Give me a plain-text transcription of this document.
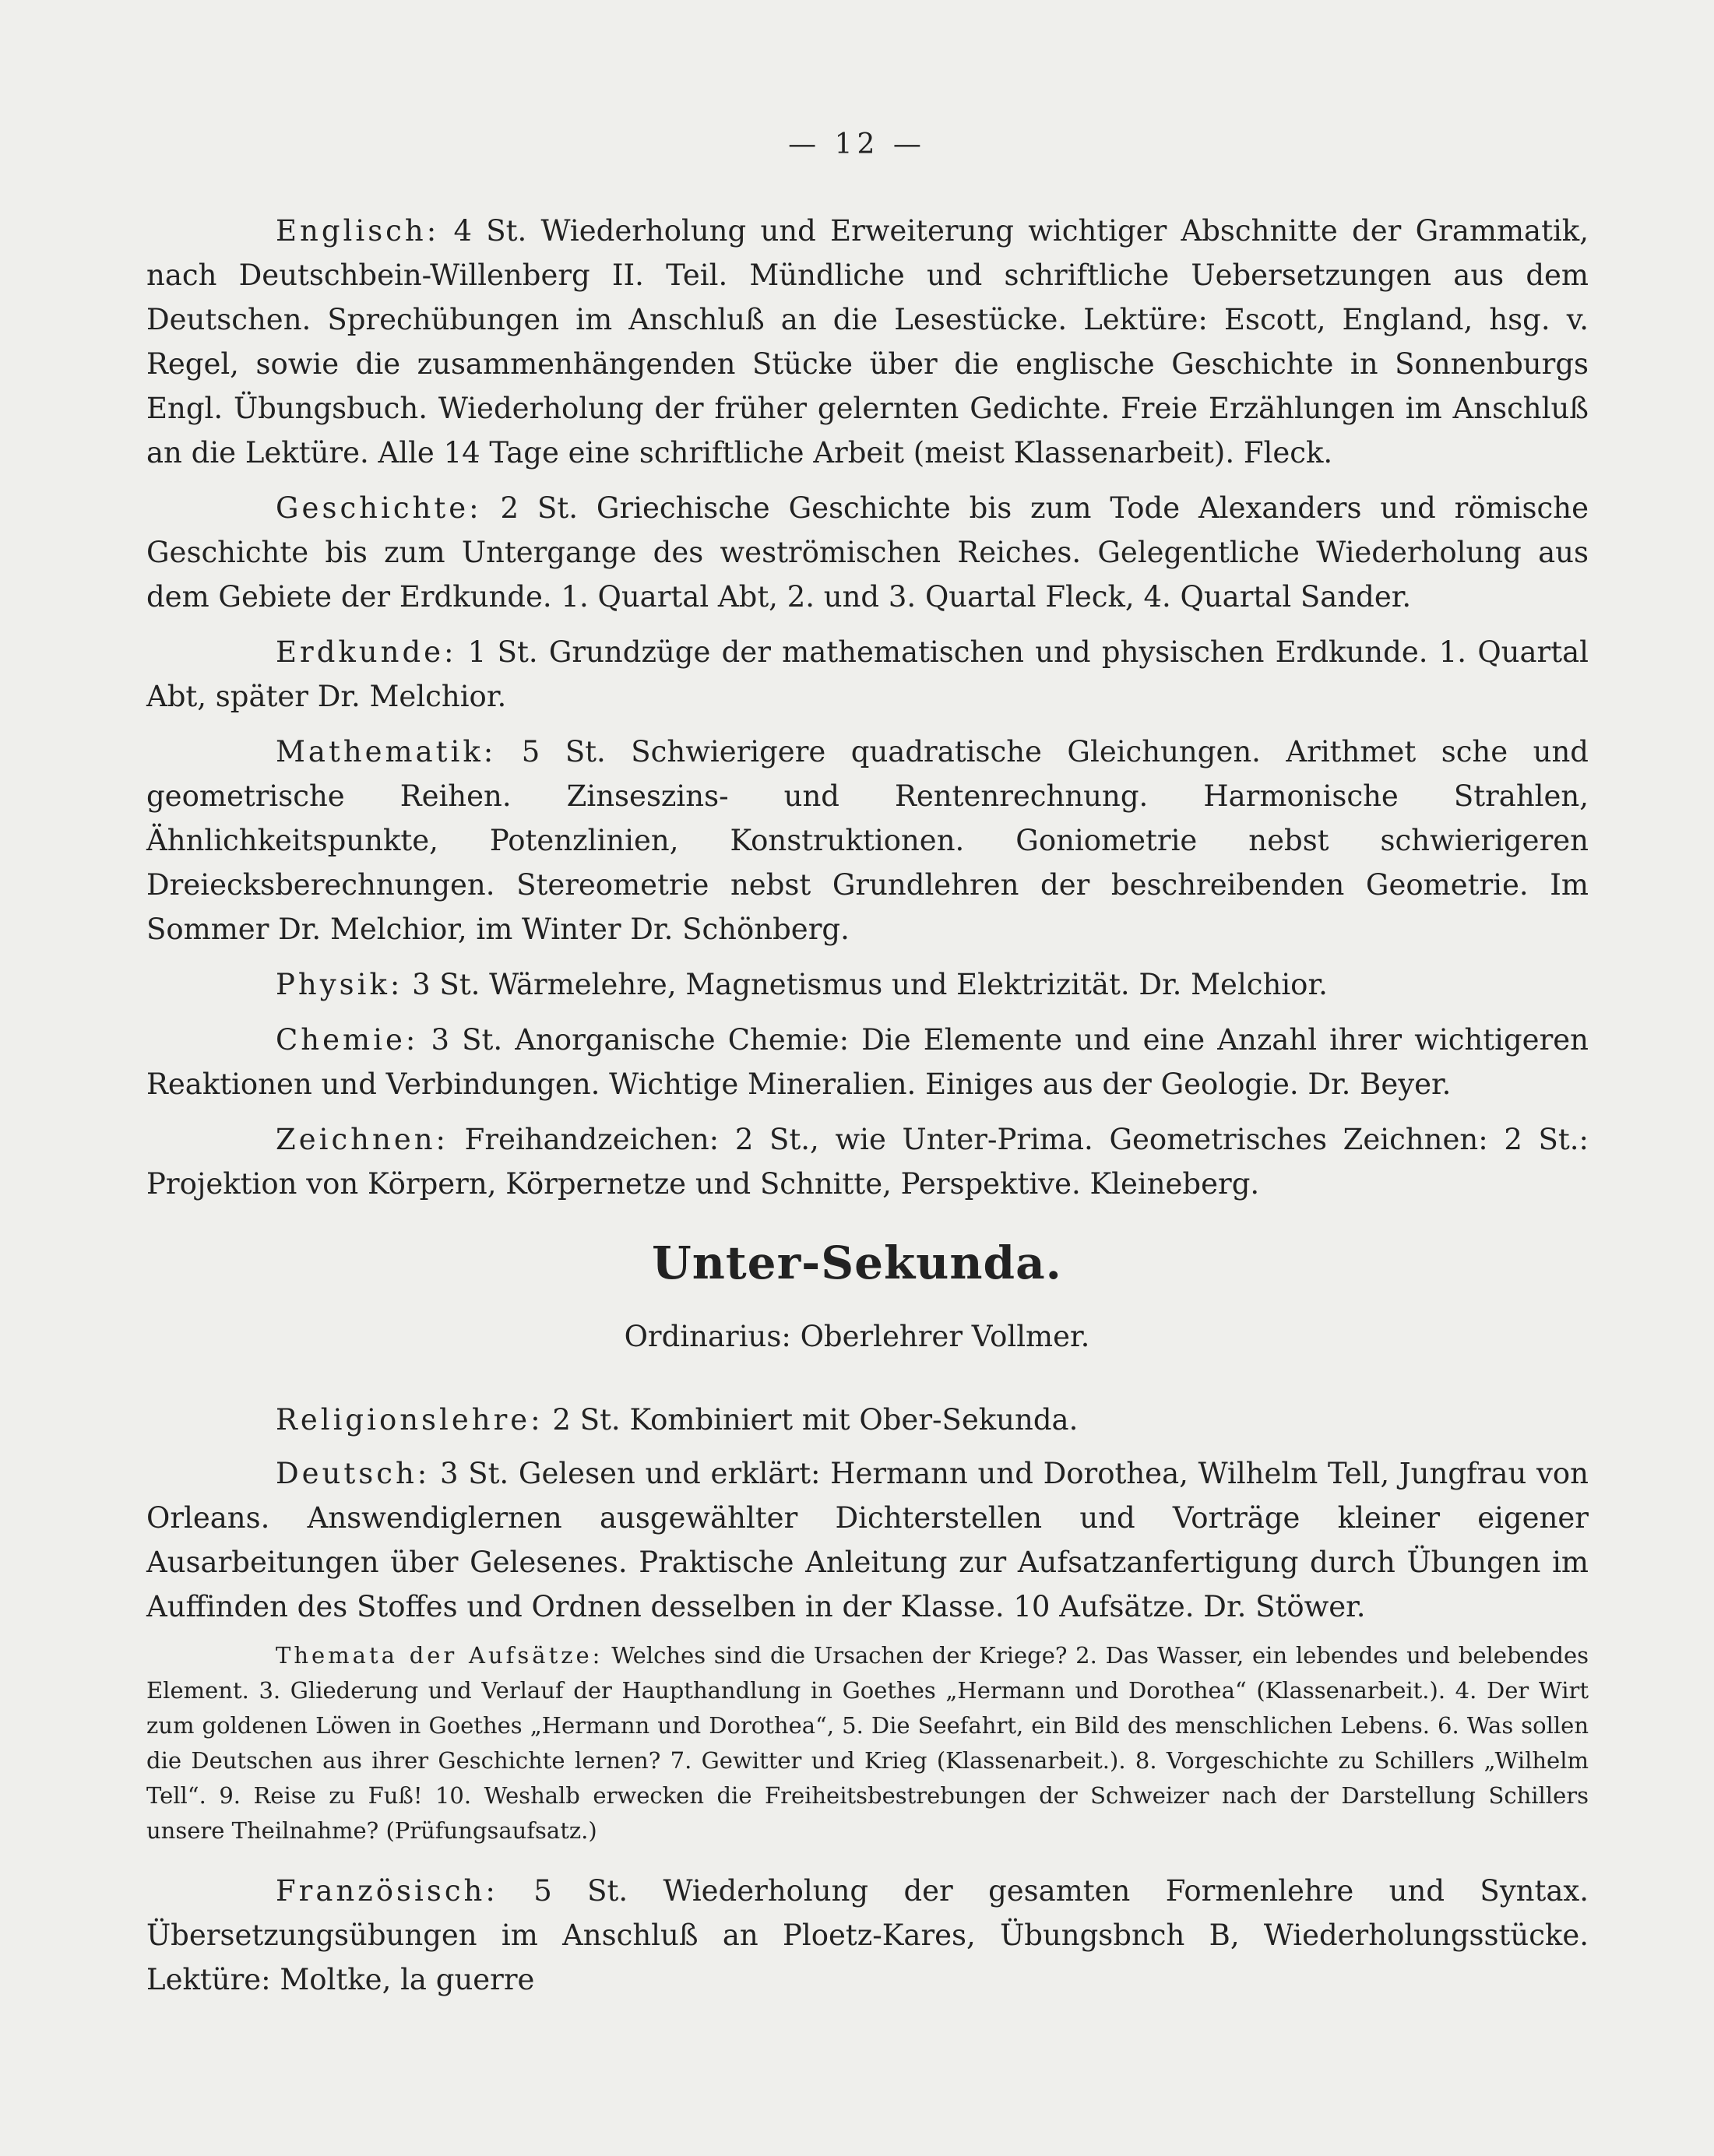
— 12 —

Englisch: 4 St. Wiederholung und Erweiterung wichtiger Abschnitte der Grammatik, nach Deutschbein-Willenberg II. Teil. Mündliche und schriftliche Uebersetzungen aus dem Deutschen. Sprechübungen im Anschluß an die Lesestücke. Lektüre: Escott, England, hsg. v. Regel, sowie die zusammenhängenden Stücke über die englische Geschichte in Sonnenburgs Engl. Übungsbuch. Wiederholung der früher gelernten Gedichte. Freie Erzählungen im Anschluß an die Lektüre. Alle 14 Tage eine schriftliche Arbeit (meist Klassenarbeit). Fleck.

Geschichte: 2 St. Griechische Geschichte bis zum Tode Alexanders und römische Geschichte bis zum Untergange des weströmischen Reiches. Gelegentliche Wiederholung aus dem Gebiete der Erdkunde. 1. Quartal Abt, 2. und 3. Quartal Fleck, 4. Quartal Sander.

Erdkunde: 1 St. Grundzüge der mathematischen und physischen Erdkunde. 1. Quartal Abt, später Dr. Melchior.

Mathematik: 5 St. Schwierigere quadratische Gleichungen. Arithmet sche und geometrische Reihen. Zinseszins- und Rentenrechnung. Harmonische Strahlen, Ähnlichkeitspunkte, Potenzlinien, Konstruktionen. Goniometrie nebst schwierigeren Dreiecksberechnungen. Stereometrie nebst Grundlehren der beschreibenden Geometrie. Im Sommer Dr. Melchior, im Winter Dr. Schönberg.

Physik: 3 St. Wärmelehre, Magnetismus und Elektrizität. Dr. Melchior.

Chemie: 3 St. Anorganische Chemie: Die Elemente und eine Anzahl ihrer wichtigeren Reaktionen und Verbindungen. Wichtige Mineralien. Einiges aus der Geologie. Dr. Beyer.

Zeichnen: Freihandzeichen: 2 St., wie Unter-Prima. Geometrisches Zeichnen: 2 St.: Projektion von Körpern, Körpernetze und Schnitte, Perspektive. Kleineberg.

Unter-Sekunda.
Ordinarius: Oberlehrer Vollmer.

Religionslehre: 2 St. Kombiniert mit Ober-Sekunda.

Deutsch: 3 St. Gelesen und erklärt: Hermann und Dorothea, Wilhelm Tell, Jungfrau von Orleans. Answendiglernen ausgewählter Dichterstellen und Vorträge kleiner eigener Ausarbeitungen über Gelesenes. Praktische Anleitung zur Aufsatzanfertigung durch Übungen im Auffinden des Stoffes und Ordnen desselben in der Klasse. 10 Aufsätze. Dr. Stöwer.

Themata der Aufsätze: Welches sind die Ursachen der Kriege? 2. Das Wasser, ein lebendes und belebendes Element. 3. Gliederung und Verlauf der Haupthandlung in Goethes „Hermann und Dorothea“ (Klassenarbeit.). 4. Der Wirt zum goldenen Löwen in Goethes „Hermann und Dorothea“, 5. Die Seefahrt, ein Bild des menschlichen Lebens. 6. Was sollen die Deutschen aus ihrer Geschichte lernen? 7. Gewitter und Krieg (Klassenarbeit.). 8. Vorgeschichte zu Schillers „Wilhelm Tell“. 9. Reise zu Fuß! 10. Weshalb erwecken die Freiheitsbestrebungen der Schweizer nach der Darstellung Schillers unsere Theilnahme? (Prüfungsaufsatz.)

Französisch: 5 St. Wiederholung der gesamten Formenlehre und Syntax. Übersetzungsübungen im Anschluß an Ploetz-Kares, Übungsbnch B, Wiederholungsstücke. Lektüre: Moltke, la guerre
